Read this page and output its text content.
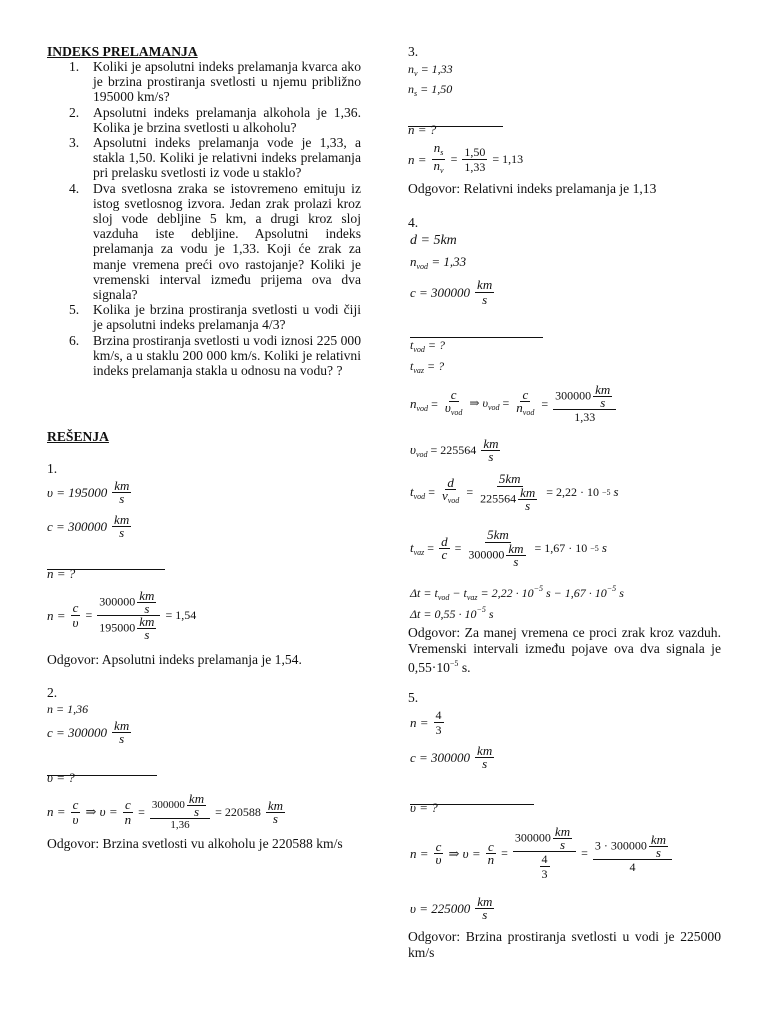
INDEKS PRELAMANJA
1. Koliki je apsolutni indeks prelamanja kvarca ako je brzina prostiranja svetlosti u njemu približno 195000 km/s?
2. Apsolutni indeks prelamanja alkohola je 1,36. Kolika je brzina svetlosti u alkoholu?
3. Apsolutni indeks prelamanja vode je 1,33, a stakla 1,50. Koliki je relativni indeks prelamanja pri prelasku svetlosti iz vode u staklo?
4. Dva svetlosna zraka se istovremeno emituju iz istog svetlosnog izvora. Jedan zrak prolazi kroz sloj vode debljine 5 km, a drugi kroz sloj vazduha iste debljine. Apsolutni indeks prelamanja za vodu je 1,33. Koji će zrak za manje vremena preći ovo rastojanje? Koliki je vremenski interval između prijema ova dva signala?
5. Kolika je brzina prostiranja svetlosti u vodi čiji je apsolutni indeks prelamanja 4/3?
6. Brzina prostiranja svetlosti u vodi iznosi 225 000 km/s, a u staklu 200 000 km/s. Koliki je relativni indeks prelamanja stakla u odnosu na vodu? ?
REŠENJA
1.
$\upsilon = 195000 \frac{km}{s}$
$c = 300000 \frac{km}{s}$
n = ?
$n = \frac{c}{\upsilon} = \frac{300000 \frac{km}{s}}{195000 \frac{km}{s}} = 1,54$
Odgovor: Apsolutni indeks prelamanja je 1,54.
2.
n = 1,36
$c = 300000 \frac{km}{s}$
υ = ?
$n = \frac{c}{\upsilon}$ ⇒ $\upsilon = \frac{c}{n} = \frac{300000 \frac{km}{s}}{1,36} = 220588 \frac{km}{s}$
Odgovor: Brzina svetlosti vu alkoholu je 220588 km/s
3.
$n_v = 1,33$
$n_s = 1,50$
n = ?
$n = \frac{n_s}{n_v} = \frac{1,50}{1,33} = 1,13$
Odgovor: Relativni indeks prelamanja je 1,13
4.
d = 5km
$n_{vod} = 1,33$
$c = 300000 \frac{km}{s}$
$t_{vod}$ = ?
$t_{vaz}$ = ?
$n_{vod} = \frac{c}{\upsilon_{vod}}$ ⇒ $\upsilon_{vod} = \frac{c}{n_{vod}} = \frac{300000 \frac{km}{s}}{1,33}$
$\upsilon_{vod} = 225564 \frac{km}{s}$
$t_{vod} = \frac{d}{v_{vod}} = \frac{5km}{225564 \frac{km}{s}} = 2,22 \cdot 10 -5$ s
$t_{vaz} = \frac{d}{c} = \frac{5km}{300000 \frac{km}{s}} = 1,67 \cdot 10 -5$ s
$\Delta t = t_{vod} - t_{vaz} = 2,22 \cdot 10^{-5}$ $s - 1,67 \cdot 10^{-5}$ s
$\Delta t = 0,55 \cdot 10^{-5}$ s
Odgovor: Za manej vremena ce proci zrak kroz vazduh. Vremenski intervali između pojave ova dva signala je $0,55\cdot 10^{-5}$ s.
5.
$n = \frac{4}{3}$
$c = 300000 \frac{km}{s}$
υ = ?
$n = \frac{c}{\upsilon}$ ⇒ $\upsilon = \frac{c}{n} = \frac{300000 \frac{km}{s}}{\frac{4}{3}} = \frac{3 \cdot 300000 \frac{km}{s}}{4}$
$\upsilon = 225000 \frac{km}{s}$
Odgovor: Brzina prostiranja svetlosti u vodi je 225000 km/s
